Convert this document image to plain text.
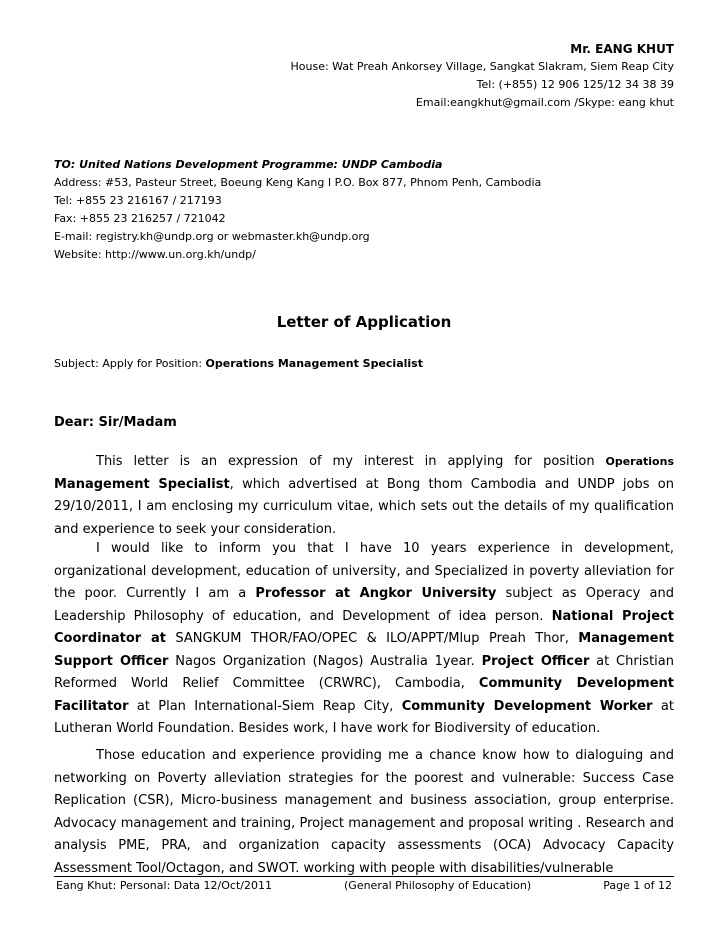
Mr. EANG KHUT
House: Wat Preah Ankorsey Village, Sangkat Slakram, Siem Reap City
Tel: (+855) 12 906 125/12 34 38 39
Email:eangkhut@gmail.com /Skype: eang khut
TO: United Nations Development Programme: UNDP Cambodia
Address: #53, Pasteur Street, Boeung Keng Kang I P.O. Box 877, Phnom Penh, Cambodia
Tel: +855 23 216167 / 217193
Fax: +855 23 216257 / 721042
E-mail: registry.kh@undp.org or webmaster.kh@undp.org
Website: http://www.un.org.kh/undp/
Letter of Application
Subject: Apply for Position: Operations Management Specialist
Dear: Sir/Madam

This letter is an expression of my interest in applying for position Operations Management Specialist, which advertised at Bong thom Cambodia and UNDP jobs on 29/10/2011, I am enclosing my curriculum vitae, which sets out the details of my qualification and experience to seek your consideration.

I would like to inform you that I have 10 years experience in development, organizational development, education of university, and Specialized in poverty alleviation for the poor. Currently I am a Professor at Angkor University subject as Operacy and Leadership Philosophy of education, and Development of idea person. National Project Coordinator at SANGKUM THOR/FAO/OPEC & ILO/APPT/Mlup Preah Thor, Management Support Officer Nagos Organization (Nagos) Australia 1year. Project Officer at Christian Reformed World Relief Committee (CRWRC), Cambodia, Community Development Facilitator at Plan International-Siem Reap City, Community Development Worker at Lutheran World Foundation. Besides work, I have work for Biodiversity of education.

Those education and experience providing me a chance know how to dialoguing and networking on Poverty alleviation strategies for the poorest and vulnerable: Success Case Replication (CSR), Micro-business management and business association, group enterprise. Advocacy management and training, Project management and proposal writing . Research and analysis PME, PRA, and organization capacity assessments (OCA) Advocacy Capacity Assessment Tool/Octagon, and SWOT. working with people with disabilities/vulnerable

Eang Khut: Personal: Data 12/Oct/2011	(General Philosophy of Education)	Page 1 of 12
